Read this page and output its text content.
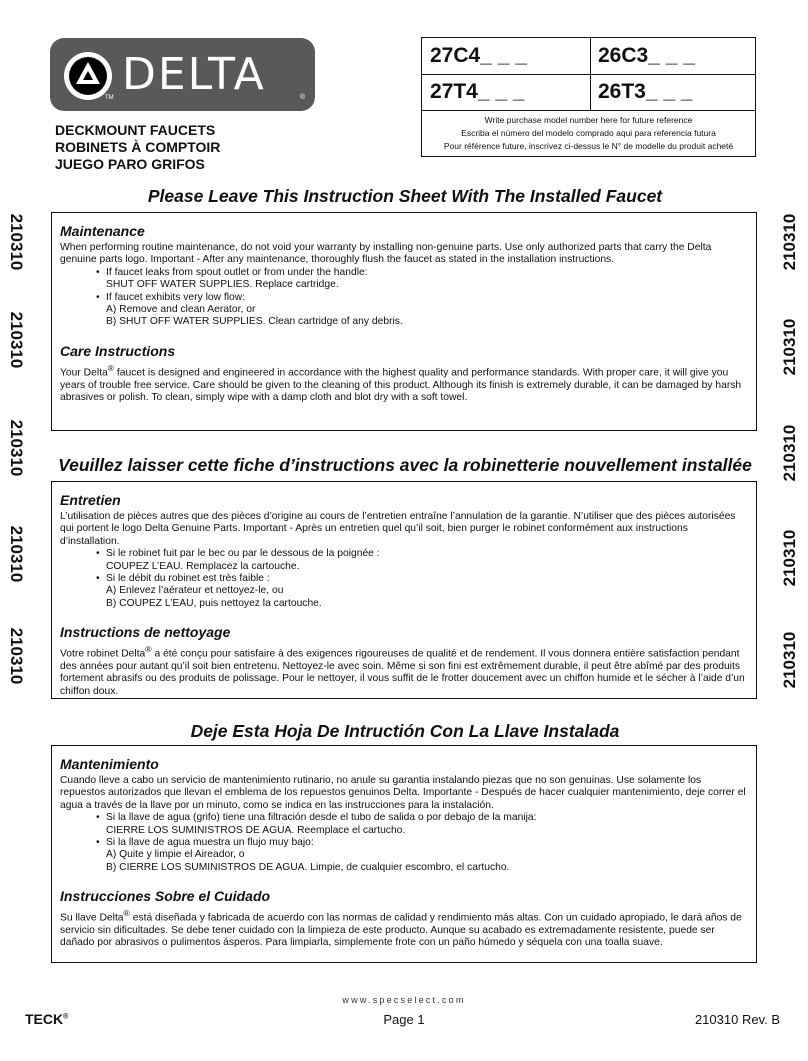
DELTA
TM	®
DECKMOUNT FAUCETS
ROBINETS À COMPTOIR
JUEGO PARO GRIFOS
27C4_ _ _	26C3_ _ _
27T4_ _ _	26T3_ _ _
Write purchase model number here for future reference
Escriba el número del modelo comprado aqui para referencia futura
Pour référence future, inscrivez ci-dessus le N° de modelle du produit acheté
210310
210310
210310
210310
210310
210310
210310
210310
210310
210310
Please Leave This Instruction Sheet With The Installed Faucet
Maintenance

When performing routine maintenance, do not void your warranty by installing non-genuine parts. Use only authorized parts that carry the Delta genuine parts logo. Important - After any maintenance, thoroughly flush the faucet as stated in the installation instructions.

• If faucet leaks from spout outlet or from under the handle:
SHUT OFF WATER SUPPLIES. Replace cartridge.
• If faucet exhibits very low flow:
A) Remove and clean Aerator, or
B) SHUT OFF WATER SUPPLIES. Clean cartridge of any debris.
Care Instructions

Your Delta® faucet is designed and engineered in accordance with the highest quality and performance standards. With proper care, it will give you years of trouble free service. Care should be given to the cleaning of this product. Although its finish is extremely durable, it can be damaged by harsh abrasives or polish. To clean, simply wipe with a damp cloth and blot dry with a soft towel.

Veuillez laisser cette fiche d’instructions avec la robinetterie nouvellement installée
Entretien

L’utilisation de pièces autres que des pièces d’origine au cours de l’entretien entraîne l’annulation de la garantie. N’utiliser que des pièces autorisées qui portent le logo Delta Genuine Parts. Important - Après un entretien quel qu’il soit, bien purger le robinet conformément aux instructions d’installation.

• Si le robinet fuit par le bec ou par le dessous de la poignée :
COUPEZ L’EAU. Remplacez la cartouche.
• Si le débit du robinet est très faible :
A) Enlevez l’aérateur et nettoyez-le, ou
B) COUPEZ L’EAU, puis nettoyez la cartouche.
Instructions de nettoyage

Votre robinet Delta® a été conçu pour satisfaire à des exigences rigoureuses de qualité et de rendement. Il vous donnera entière satisfaction pendant des années pour autant qu’il soit bien entretenu. Nettoyez-le avec soin. Même si son fini est extrêmement durable, il peut être abîmé par des produits fortement abrasifs ou des produits de polissage. Pour le nettoyer, il vous suffit de le frotter doucement avec un chiffon humide et le sécher à l’aide d’un chiffon doux.

Deje Esta Hoja De Intructión Con La Llave Instalada
Mantenimiento

Cuando lleve a cabo un servicio de mantenimiento rutinario, no anule su garantia instalando piezas que no son genuinas. Use solamente los repuestos autorizados que llevan el emblema de los repuestos genuinos Delta. Importante - Después de hacer cualquier mantenimiento, deje correr el agua a través de la llave por un minuto, como se indica en las instrucciones para la instalación.

• Si la llave de agua (grifo) tiene una filtración desde el tubo de salida o por debajo de la manija:
CIERRE LOS SUMINISTROS DE AGUA. Reemplace el cartucho.
• Si la llave de agua muestra un flujo muy bajo:
A) Quite y limpie el Aireador, o
B) CIERRE LOS SUMINISTROS DE AGUA. Limpie, de cualquier escombro, el cartucho.
Instrucciones Sobre el Cuidado

Su llave Delta® está diseñada y fabricada de acuerdo con las normas de calidad y rendimiento más altas. Con un cuidado apropiado, le dará años de servicio sin dificultades. Se debe tener cuidado con la limpieza de este producto. Aunque su acabado es extremadamente resistente, puede ser dañado por abrasivos o pulimentos ásperos. Para limpiarla, simplemente frote con un paño húmedo y séquela con una toalla suave.

www.specselect.com
TECK®	Page 1	210310 Rev. B
